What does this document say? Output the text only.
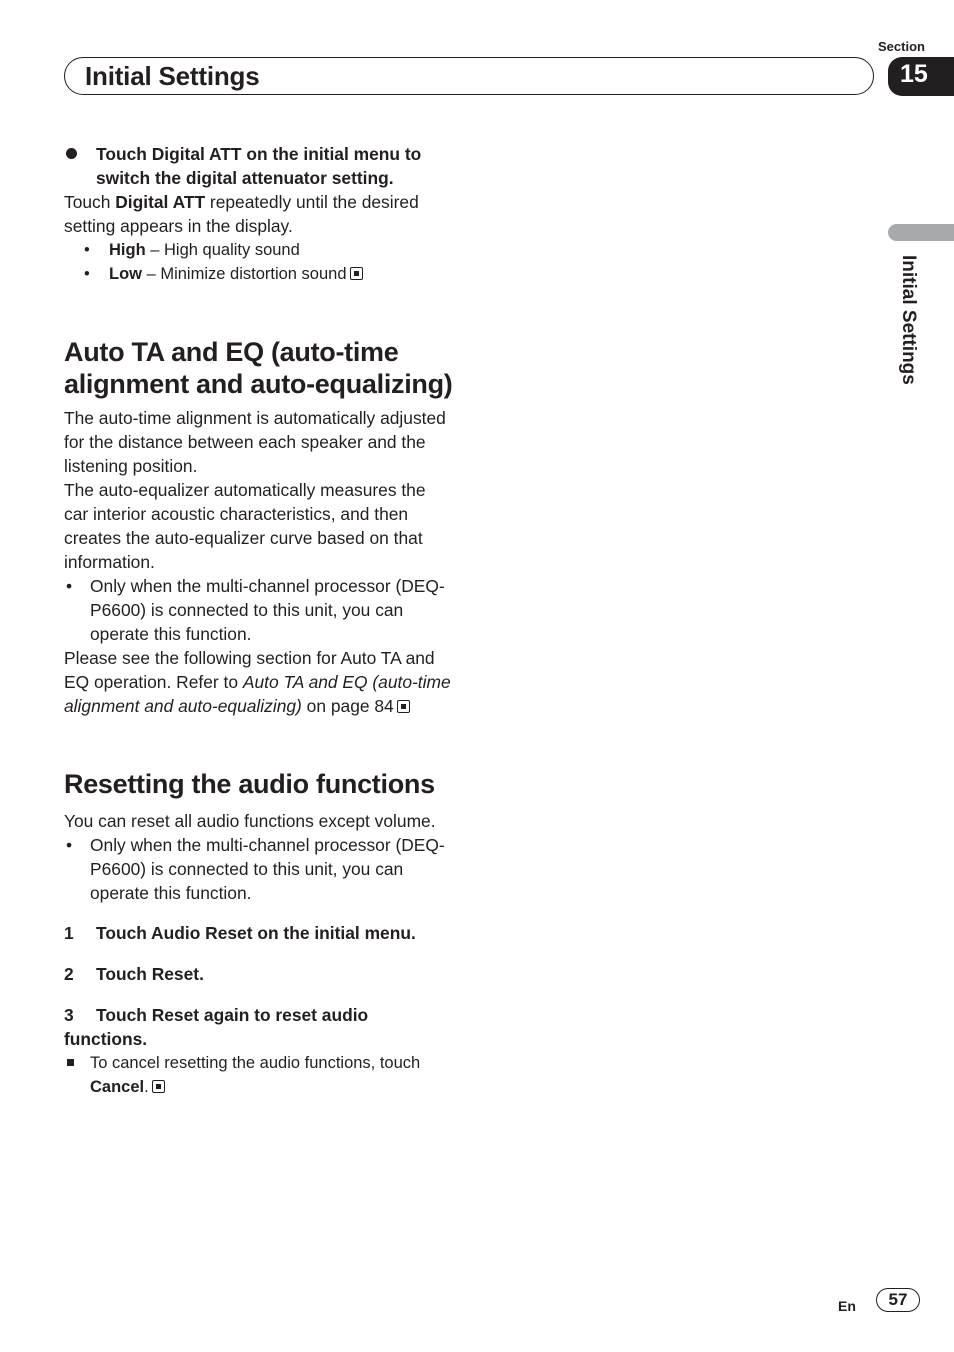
Section
Initial Settings	15
Initial Settings

Touch Digital ATT on the initial menu to switch the digital attenuator setting.

Touch Digital ATT repeatedly until the desired setting appears in the display.

• High – High quality sound
• Low – Minimize distortion sound
Auto TA and EQ (auto-time alignment and auto-equalizing)

The auto-time alignment is automatically adjusted for the distance between each speaker and the listening position.

The auto-equalizer automatically measures the car interior acoustic characteristics, and then creates the auto-equalizer curve based on that information.

• Only when the multi-channel processor (DEQ-P6600) is connected to this unit, you can operate this function.

Please see the following section for Auto TA and EQ operation. Refer to Auto TA and EQ (auto-time alignment and auto-equalizing) on page 84

Resetting the audio functions

You can reset all audio functions except volume.

• Only when the multi-channel processor (DEQ-P6600) is connected to this unit, you can operate this function.
1	Touch Audio Reset on the initial menu.
2	Touch Reset.

3 Touch Reset again to reset audio functions.

To cancel resetting the audio functions, touch Cancel.

En	57
